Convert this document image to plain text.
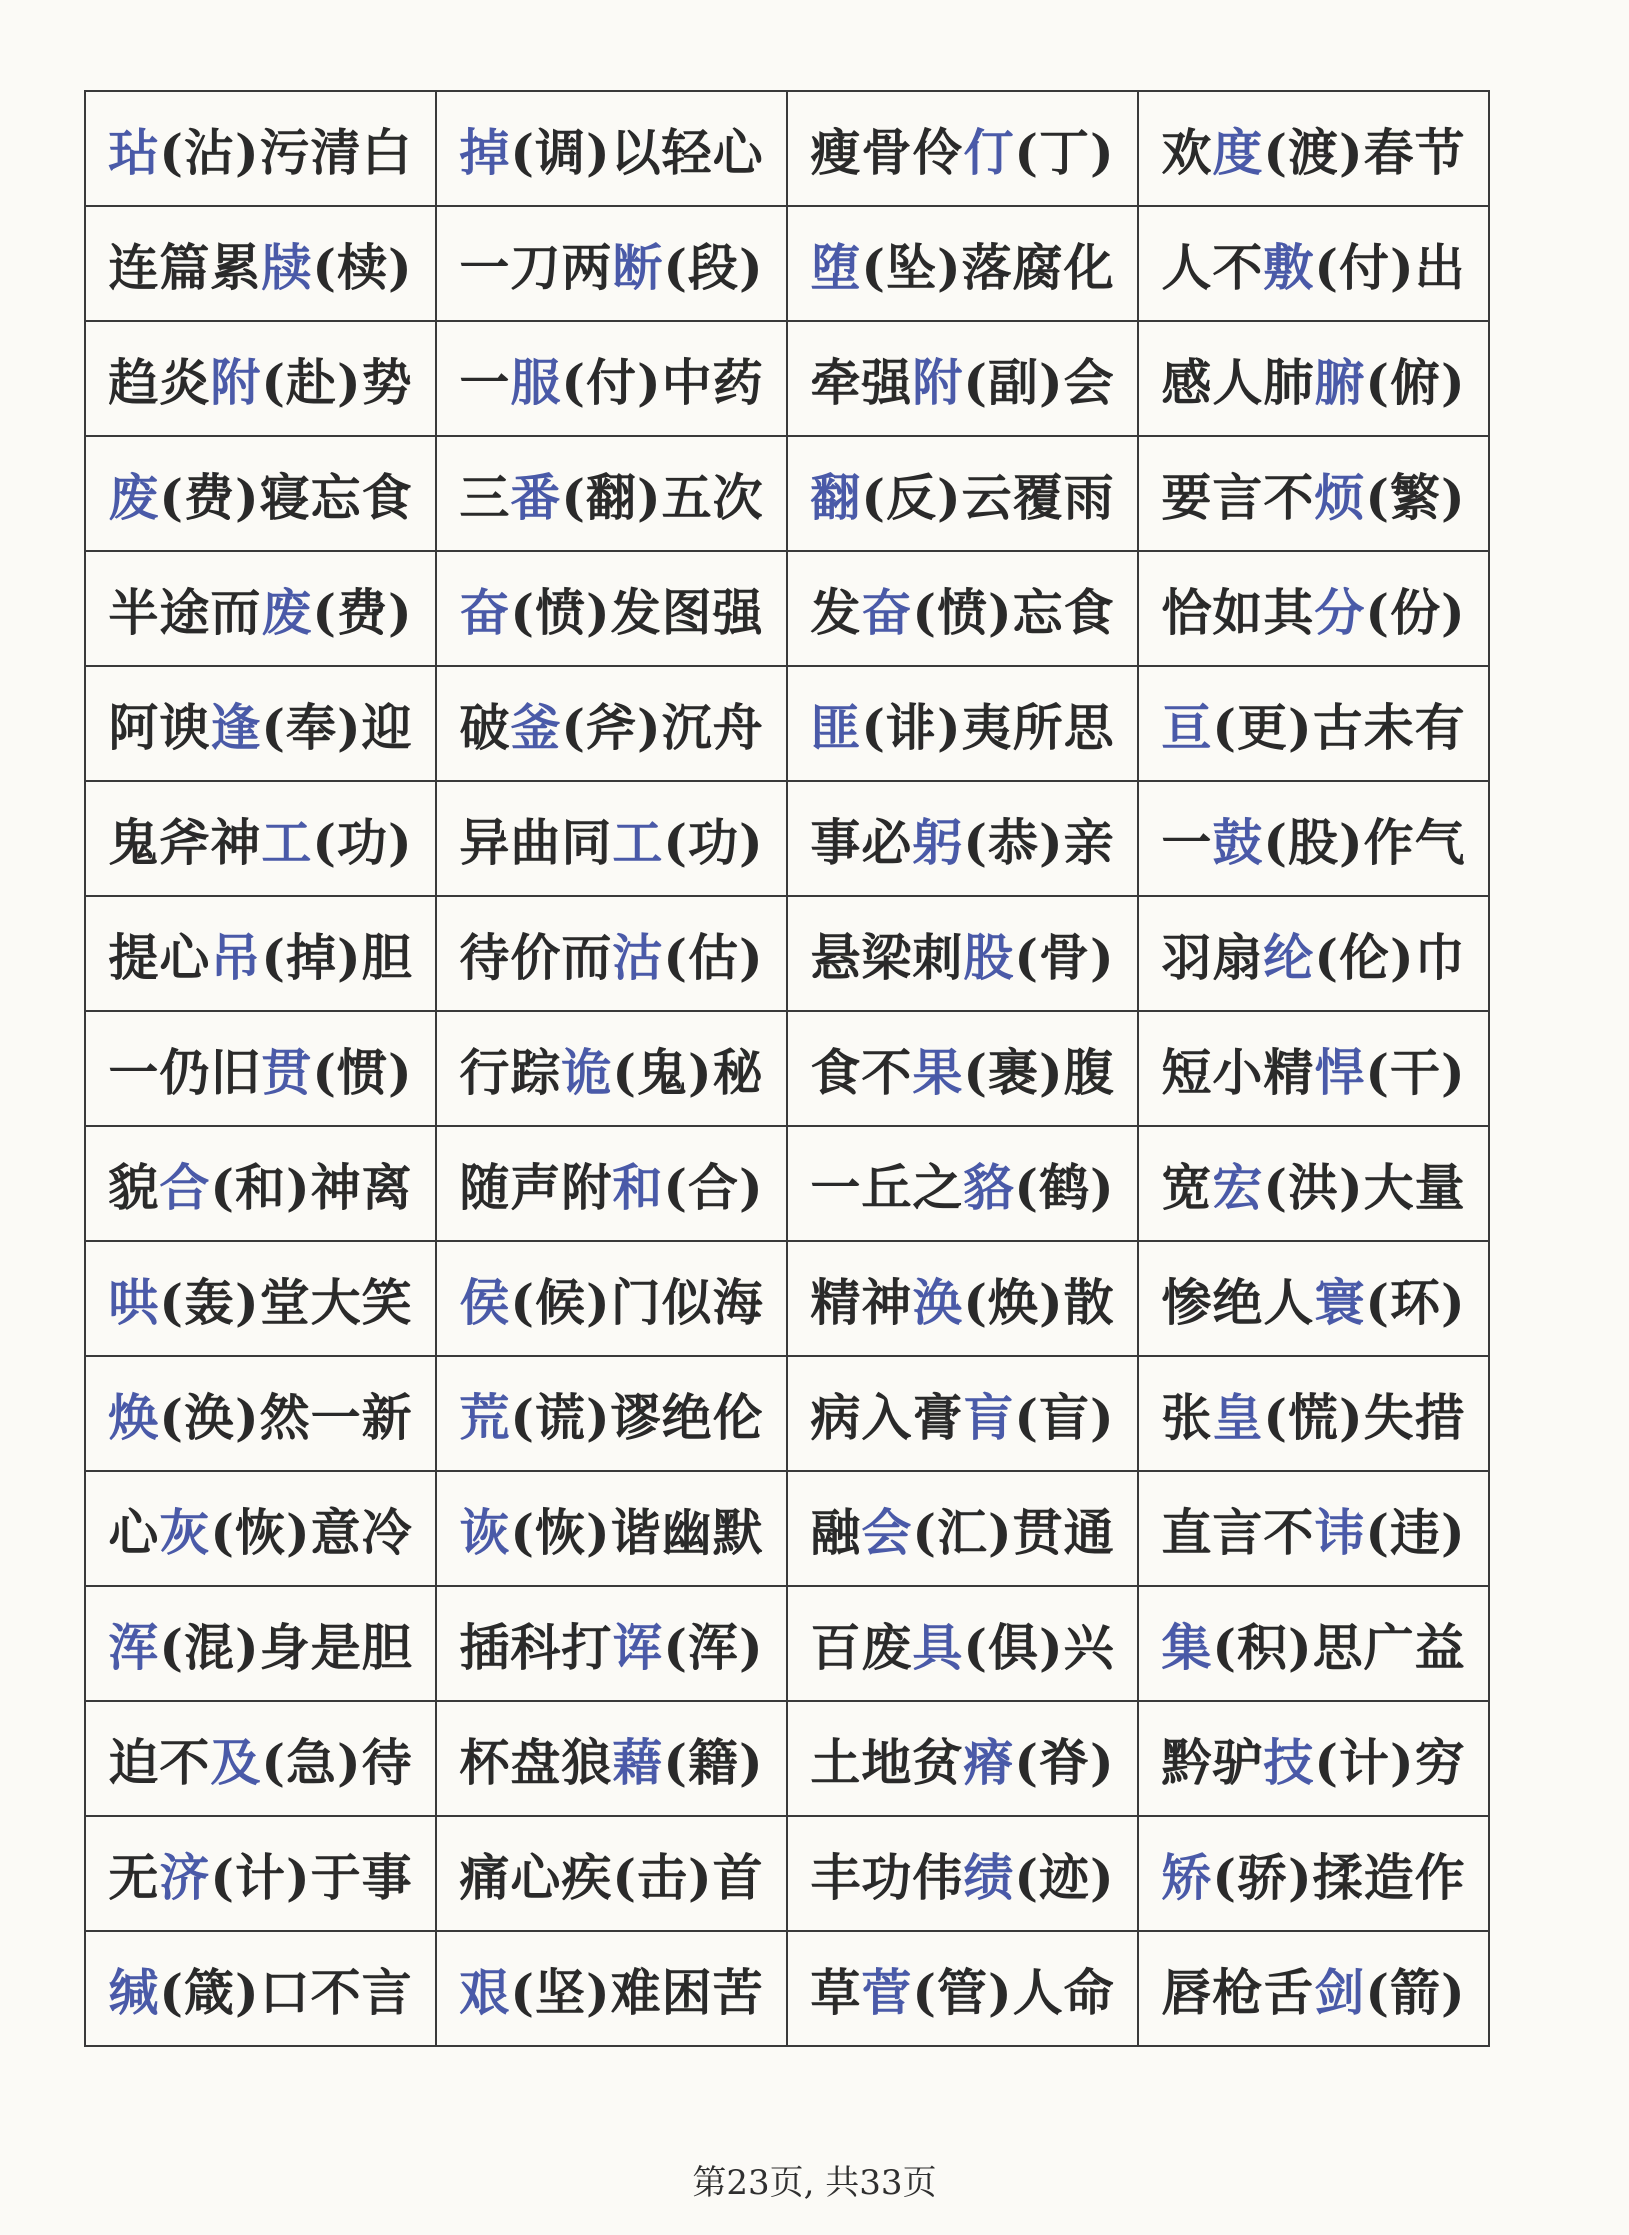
玷(沾)污清白	掉(调)以轻心	瘦骨伶仃(丁)	欢度(渡)春节
连篇累牍(椟)	一刀两断(段)	堕(坠)落腐化	人不敷(付)出
趋炎附(赴)势	一服(付)中药	牵强附(副)会	感人肺腑(俯)
废(费)寝忘食	三番(翻)五次	翻(反)云覆雨	要言不烦(繁)
半途而废(费)	奋(愤)发图强	发奋(愤)忘食	恰如其分(份)
阿谀逢(奉)迎	破釜(斧)沉舟	匪(诽)夷所思	亘(更)古未有
鬼斧神工(功)	异曲同工(功)	事必躬(恭)亲	一鼓(股)作气
提心吊(掉)胆	待价而沽(估)	悬梁刺股(骨)	羽扇纶(伦)巾
一仍旧贯(惯)	行踪诡(鬼)秘	食不果(裹)腹	短小精悍(干)
貌合(和)神离	随声附和(合)	一丘之貉(鹤)	宽宏(洪)大量
哄(轰)堂大笑	侯(候)门似海	精神涣(焕)散	惨绝人寰(环)
焕(涣)然一新	荒(谎)谬绝伦	病入膏肓(盲)	张皇(慌)失措
心灰(恢)意冷	诙(恢)谐幽默	融会(汇)贯通	直言不讳(违)
浑(混)身是胆	插科打诨(浑)	百废具(俱)兴	集(积)思广益
迫不及(急)待	杯盘狼藉(籍)	土地贫瘠(脊)	黔驴技(计)穷
无济(计)于事	痛心疾(击)首	丰功伟绩(迹)	矫(骄)揉造作
缄(箴)口不言	艰(坚)难困苦	草菅(管)人命	唇枪舌剑(箭)
第23页, 共33页
